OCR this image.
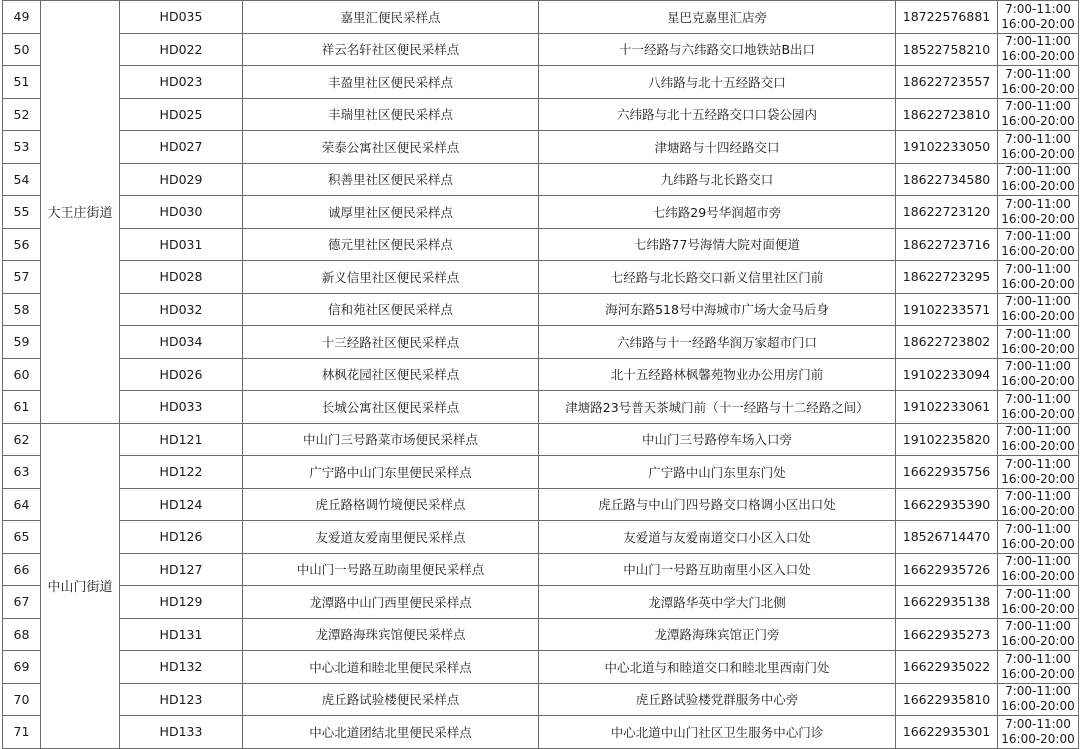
49	大王庄街道	HD035	嘉里汇便民采样点	星巴克嘉里汇店旁	18722576881	7:00-11:00
16:00-20:00

50		HD022	祥云名轩社区便民采样点	十一经路与六纬路交口地铁站B出口	18522758210	7:00-11:00
16:00-20:00

51		HD023	丰盈里社区便民采样点	八纬路与北十五经路交口	18622723557	7:00-11:00
16:00-20:00

52		HD025	丰瑞里社区便民采样点	六纬路与北十五经路交口口袋公园内	18622723810	7:00-11:00
16:00-20:00

53		HD027	荣泰公寓社区便民采样点	津塘路与十四经路交口	19102233050	7:00-11:00
16:00-20:00

54		HD029	积善里社区便民采样点	九纬路与北长路交口	18622734580	7:00-11:00
16:00-20:00

55		HD030	诚厚里社区便民采样点	七纬路29号华润超市旁	18622723120	7:00-11:00
16:00-20:00

56		HD031	德元里社区便民采样点	七纬路77号海情大院对面便道	18622723716	7:00-11:00
16:00-20:00

57		HD028	新义信里社区便民采样点	七经路与北长路交口新义信里社区门前	18622723295	7:00-11:00
16:00-20:00

58		HD032	信和苑社区便民采样点	海河东路518号中海城市广场大金马后身	19102233571	7:00-11:00
16:00-20:00

59		HD034	十三经路社区便民采样点	六纬路与十一经路华润万家超市门口	18622723802	7:00-11:00
16:00-20:00

60		HD026	林枫花园社区便民采样点	北十五经路林枫馨苑物业办公用房门前	19102233094	7:00-11:00
16:00-20:00

61		HD033	长城公寓社区便民采样点	津塘路23号普天茶城门前（十一经路与十二经路之间）	19102233061	7:00-11:00
16:00-20:00

62	中山门街道	HD121	中山门三号路菜市场便民采样点	中山门三号路停车场入口旁	19102235820	7:00-11:00
16:00-20:00

63		HD122	广宁路中山门东里便民采样点	广宁路中山门东里东门处	16622935756	7:00-11:00
16:00-20:00

64		HD124	虎丘路格调竹境便民采样点	虎丘路与中山门四号路交口格调小区出口处	16622935390	7:00-11:00
16:00-20:00

65		HD126	友爱道友爱南里便民采样点	友爱道与友爱南道交口小区入口处	18526714470	7:00-11:00
16:00-20:00

66		HD127	中山门一号路互助南里便民采样点	中山门一号路互助南里小区入口处	16622935726	7:00-11:00
16:00-20:00

67		HD129	龙潭路中山门西里便民采样点	龙潭路华英中学大门北侧	16622935138	7:00-11:00
16:00-20:00

68		HD131	龙潭路海珠宾馆便民采样点	龙潭路海珠宾馆正门旁	16622935273	7:00-11:00
16:00-20:00

69		HD132	中心北道和睦北里便民采样点	中心北道与和睦道交口和睦北里西南门处	16622935022	7:00-11:00
16:00-20:00

70		HD123	虎丘路试验楼便民采样点	虎丘路试验楼党群服务中心旁	16622935810	7:00-11:00
16:00-20:00

71		HD133	中心北道团结北里便民采样点	中心北道中山门社区卫生服务中心门诊	16622935301	7:00-11:00
16:00-20:00
